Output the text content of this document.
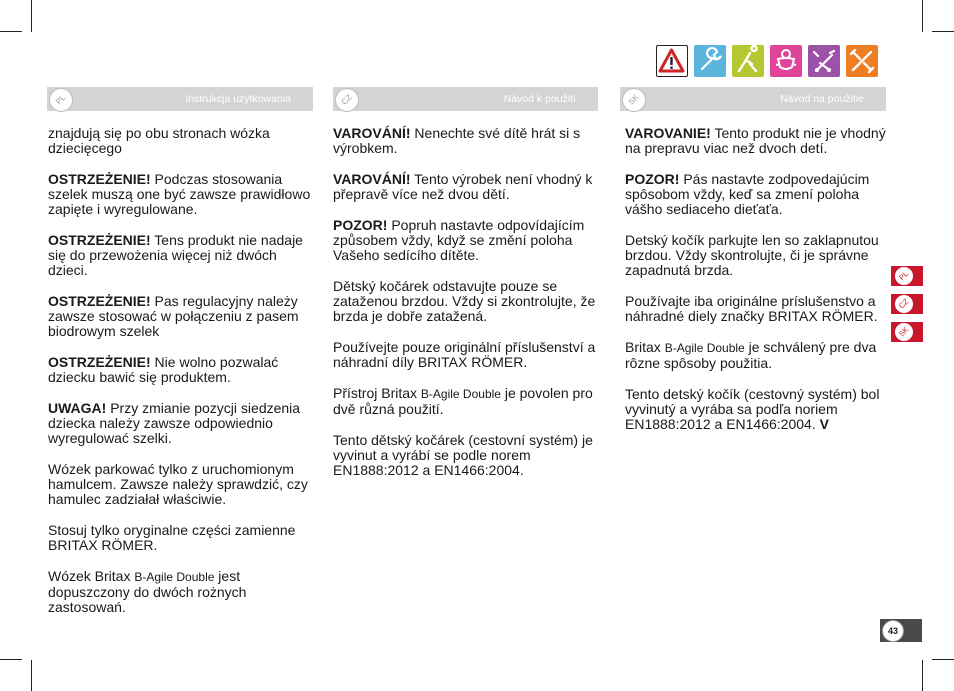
PL	Instrukcja użytkowania	CZ	Návod k použití	SK	Návod na použitie

znajdują się po obu stronach wózka dziecięcego

OSTRZEŻENIE! Podczas stosowania szelek muszą one być zawsze prawidłowo zapięte i wyregulowane.

OSTRZEŻENIE! Tens produkt nie nadaje się do przewożenia więcej niż dwóch dzieci.

OSTRZEŻENIE! Pas regulacyjny należy zawsze stosować w połączeniu z pasem biodrowym szelek

OSTRZEŻENIE! Nie wolno pozwalać dziecku bawić się produktem.

UWAGA! Przy zmianie pozycji siedzenia dziecka należy zawsze odpowiednio wyregulować szelki.

Wózek parkować tylko z uruchomionym hamulcem. Zawsze należy sprawdzić, czy hamulec zadziałał właściwie.

Stosuj tylko oryginalne części zamienne BRITAX RÖMER.

Wózek Britax B-Agile Double jest dopuszczony do dwóch rożnych zastosowań.

VAROVÁNÍ! Nenechte své dítě hrát si s výrobkem.

VAROVÁNÍ! Tento výrobek není vhodný k přepravě více než dvou dětí.

POZOR! Popruh nastavte odpovídajícím způsobem vždy, když se změní poloha Vašeho sedícího dítěte.

Dětský kočárek odstavujte pouze se zataženou brzdou. Vždy si zkontrolujte, že brzda je dobře zatažená.

Používejte pouze originální příslušenství a náhradní díly BRITAX RÖMER.

Přístroj Britax B-Agile Double je povolen pro dvě různá použití.

Tento dětský kočárek (cestovní systém) je vyvinut a vyrábí se podle norem EN1888:2012 a EN1466:2004.

VAROVANIE! Tento produkt nie je vhodný na prepravu viac než dvoch detí.

POZOR! Pás nastavte zodpovedajúcim spôsobom vždy, keď sa zmení poloha vášho sediaceho dieťaťa.

Detský kočík parkujte len so zaklapnutou brzdou. Vždy skontrolujte, či je správne zapadnutá brzda.

Používajte iba originálne príslušenstvo a náhradné diely značky BRITAX RÖMER.

Britax B-Agile Double je schválený pre dva rôzne spôsoby použitia.

Tento detský kočík (cestovný systém) bol vyvinutý a vyrába sa podľa noriem EN1888:2012 a EN1466:2004. V

PL
CZ
SK
43
